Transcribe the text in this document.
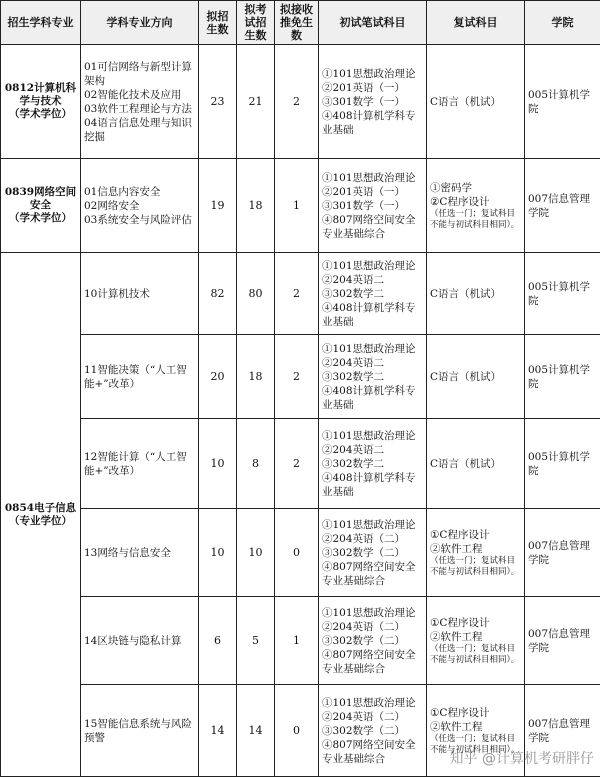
招生学科专业	学科专业方向	拟招生数	拟考试招生数	拟接收推免生数	初试笔试科目	复试科目	学院

0812计算机科学与技术
（学术学位）	01可信网络与新型计算架构
02智能化技术及应用
03软件工程理论与方法
04语言信息处理与知识挖掘	23	21	2	①101思想政治理论
②201英语（一）
③301数学（一）
④408计算机学科专业基础	C语言（机试）	005计算机学院

0839网络空间安全
（学术学位）	01信息内容安全
02网络安全
03系统安全与风险评估	19	18	1	①101思想政治理论
②201英语（一）
③301数学（一）
④807网络空间安全专业基础综合	①密码学
②C程序设计
（任选一门；复试科目不能与初试科目相同）。	007信息管理学院

0854电子信息
（专业学位）	10计算机技术	82	80	2	①101思想政治理论
②204英语二
③302数学二
④408计算机学科专业基础	C语言（机试）	005计算机学院

	11智能决策（“人工智能+”改革）	20	18	2	①101思想政治理论
②204英语二
③302数学二
④408计算机学科专业基础	C语言（机试）	005计算机学院

	12智能计算（“人工智能+”改革）	10	8	2	①101思想政治理论
②204英语二
③302数学二
④408计算机学科专业基础	C语言（机试）	005计算机学院

	13网络与信息安全	10	10	0	①101思想政治理论
②204英语（二）
③302数学（二）
④807网络空间安全专业基础综合	①C程序设计
②软件工程
（任选一门；复试科目不能与初试科目相同）。	007信息管理学院

	14区块链与隐私计算	6	5	1	①101思想政治理论
②204英语（二）
③302数学（二）
④807网络空间安全专业基础综合	①C程序设计
②软件工程
（任选一门；复试科目不能与初试科目相同）。	007信息管理学院

	15智能信息系统与风险预警	14	14	0	①101思想政治理论
②204英语（二）
③302数学（二）
④807网络空间安全专业基础综合	①C程序设计
②软件工程
（任选一门；复试科目不能与初试科目相同）。	007信息管理学院
知乎 @计算机考研胖仔
